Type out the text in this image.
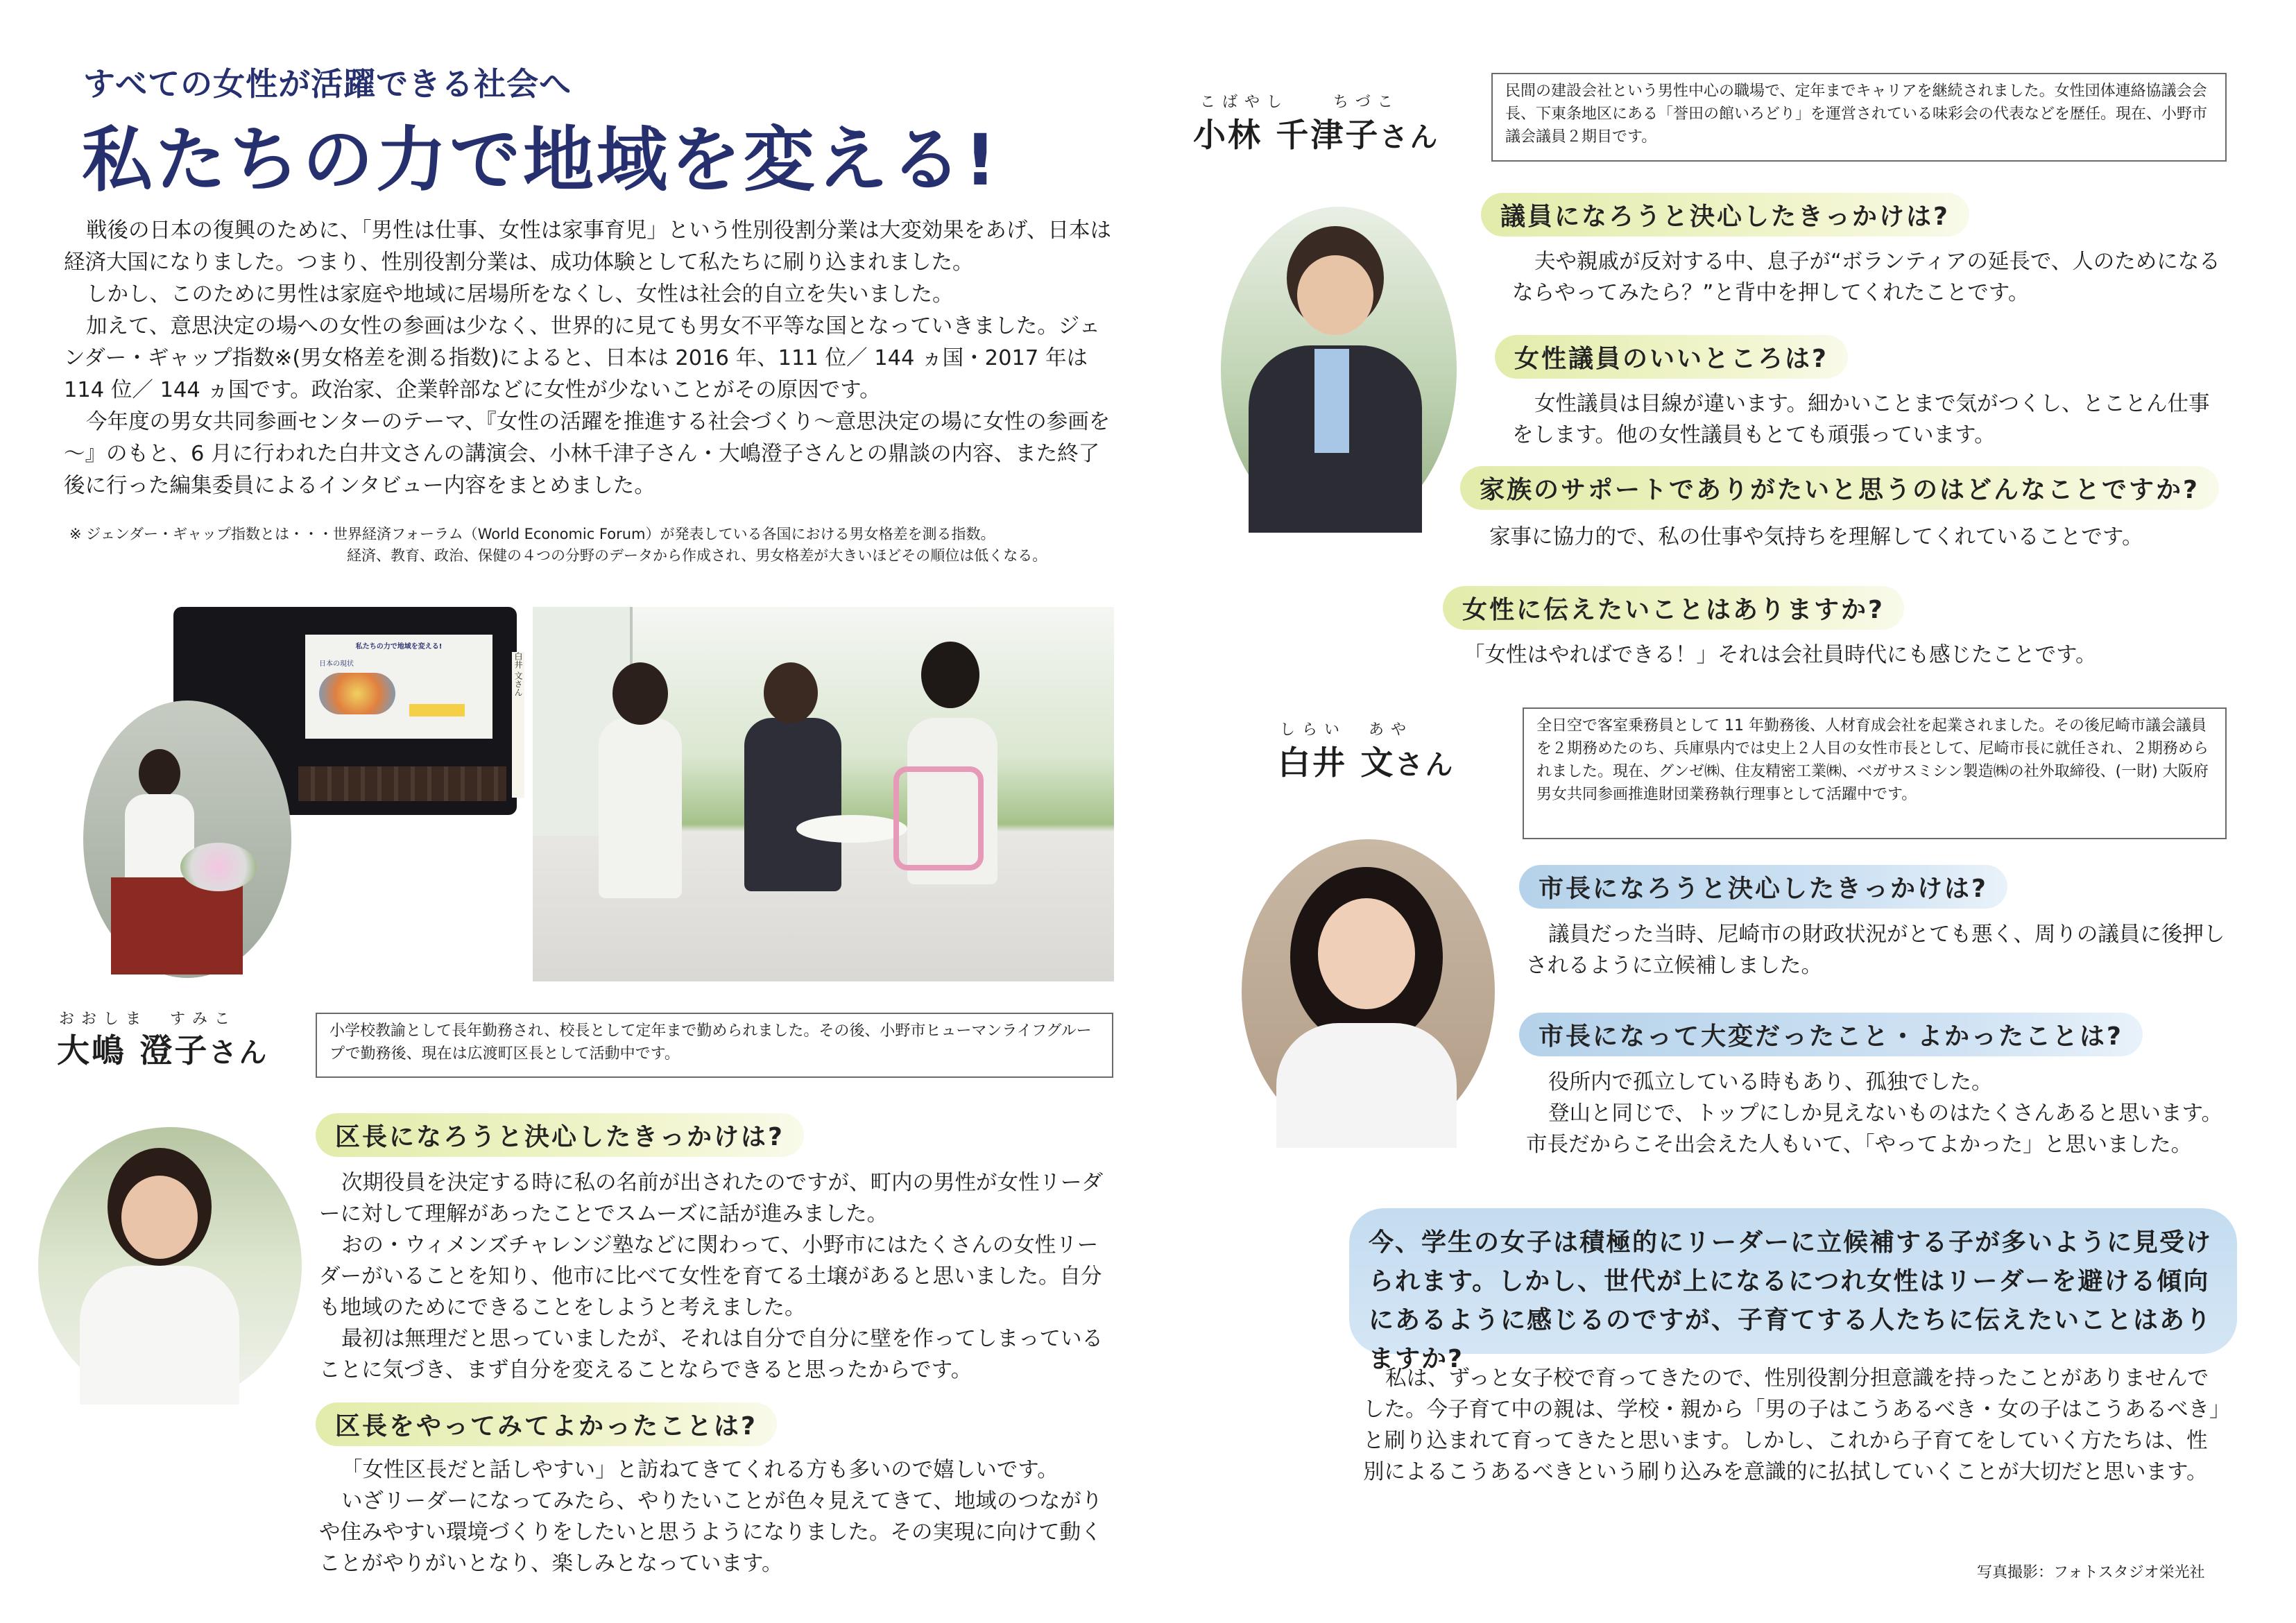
すべての女性が活躍できる社会へ
私たちの力で地域を変える!

戦後の日本の復興のために、「男性は仕事、女性は家事育児」という性別役割分業は大変効果をあげ、日本は経済大国になりました。つまり、性別役割分業は、成功体験として私たちに刷り込まれました。

しかし、このために男性は家庭や地域に居場所をなくし、女性は社会的自立を失いました。

加えて、意思決定の場への女性の参画は少なく、世界的に見ても男女不平等な国となっていきました。ジェンダー・ギャップ指数※(男女格差を測る指数)によると、日本は 2016 年、111 位／ 144 ヵ国・2017 年は 114 位／ 144 ヵ国です。政治家、企業幹部などに女性が少ないことがその原因です。

今年度の男女共同参画センターのテーマ、『女性の活躍を推進する社会づくり～意思決定の場に女性の参画を～』のもと、6 月に行われた白井文さんの講演会、小林千津子さん・大嶋澄子さんとの鼎談の内容、また終了後に行った編集委員によるインタビュー内容をまとめました。

※ ジェンダー・ギャップ指数とは・・・世界経済フォーラム（World Economic Forum）が発表している各国における男女格差を測る指数。
経済、教育、政治、保健の４つの分野のデータから作成され、男女格差が大きいほどその順位は低くなる。
私たちの力で地域を変える!
日本の現状	白井 文さん
おおしま　すみこ
大嶋 澄子さん
小学校教諭として長年勤務され、校長として定年まで勤められました。その後、小野市ヒューマンライフグループで勤務後、現在は広渡町区長として活動中です。
区長になろうと決心したきっかけは?

次期役員を決定する時に私の名前が出されたのですが、町内の男性が女性リーダーに対して理解があったことでスムーズに話が進みました。

おの・ウィメンズチャレンジ塾などに関わって、小野市にはたくさんの女性リーダーがいることを知り、他市に比べて女性を育てる土壌があると思いました。自分も地域のためにできることをしようと考えました。

最初は無理だと思っていましたが、それは自分で自分に壁を作ってしまっていることに気づき、まず自分を変えることならできると思ったからです。

区長をやってみてよかったことは?

「女性区長だと話しやすい」と訪ねてきてくれる方も多いので嬉しいです。

いざリーダーになってみたら、やりたいことが色々見えてきて、地域のつながりや住みやすい環境づくりをしたいと思うようになりました。その実現に向けて動くことがやりがいとなり、楽しみとなっています。

こばやし　　ちづこ
小林 千津子さん
民間の建設会社という男性中心の職場で、定年までキャリアを継続されました。女性団体連絡協議会会長、下東条地区にある「誉田の館いろどり」を運営されている味彩会の代表などを歴任。現在、小野市議会議員２期目です。
議員になろうと決心したきっかけは?

夫や親戚が反対する中、息子が“ボランティアの延長で、人のためになるならやってみたら？”と背中を押してくれたことです。

女性議員のいいところは?

女性議員は目線が違います。細かいことまで気がつくし、とことん仕事をします。他の女性議員もとても頑張っています。

家族のサポートでありがたいと思うのはどんなことですか?

家事に協力的で、私の仕事や気持ちを理解してくれていることです。

女性に伝えたいことはありますか?

「女性はやればできる！」それは会社員時代にも感じたことです。

しらい　あや
白井 文さん
全日空で客室乗務員として 11 年勤務後、人材育成会社を起業されました。その後尼崎市議会議員を２期務めたのち、兵庫県内では史上２人目の女性市長として、尼崎市長に就任され、２期務められました。現在、グンゼ㈱、住友精密工業㈱、ベガサスミシン製造㈱の社外取締役、(一財) 大阪府男女共同参画推進財団業務執行理事として活躍中です。
市長になろうと決心したきっかけは?

議員だった当時、尼崎市の財政状況がとても悪く、周りの議員に後押しされるように立候補しました。

市長になって大変だったこと・よかったことは?

役所内で孤立している時もあり、孤独でした。

登山と同じで、トップにしか見えないものはたくさんあると思います。市長だからこそ出会えた人もいて、「やってよかった」と思いました。

今、学生の女子は積極的にリーダーに立候補する子が多いように見受けられます。しかし、世代が上になるにつれ女性はリーダーを避ける傾向にあるように感じるのですが、子育てする人たちに伝えたいことはありますか?

私は、ずっと女子校で育ってきたので、性別役割分担意識を持ったことがありませんでした。今子育て中の親は、学校・親から「男の子はこうあるべき・女の子はこうあるべき」と刷り込まれて育ってきたと思います。しかし、これから子育てをしていく方たちは、性別によるこうあるべきという刷り込みを意識的に払拭していくことが大切だと思います。

写真撮影：フォトスタジオ栄光社
